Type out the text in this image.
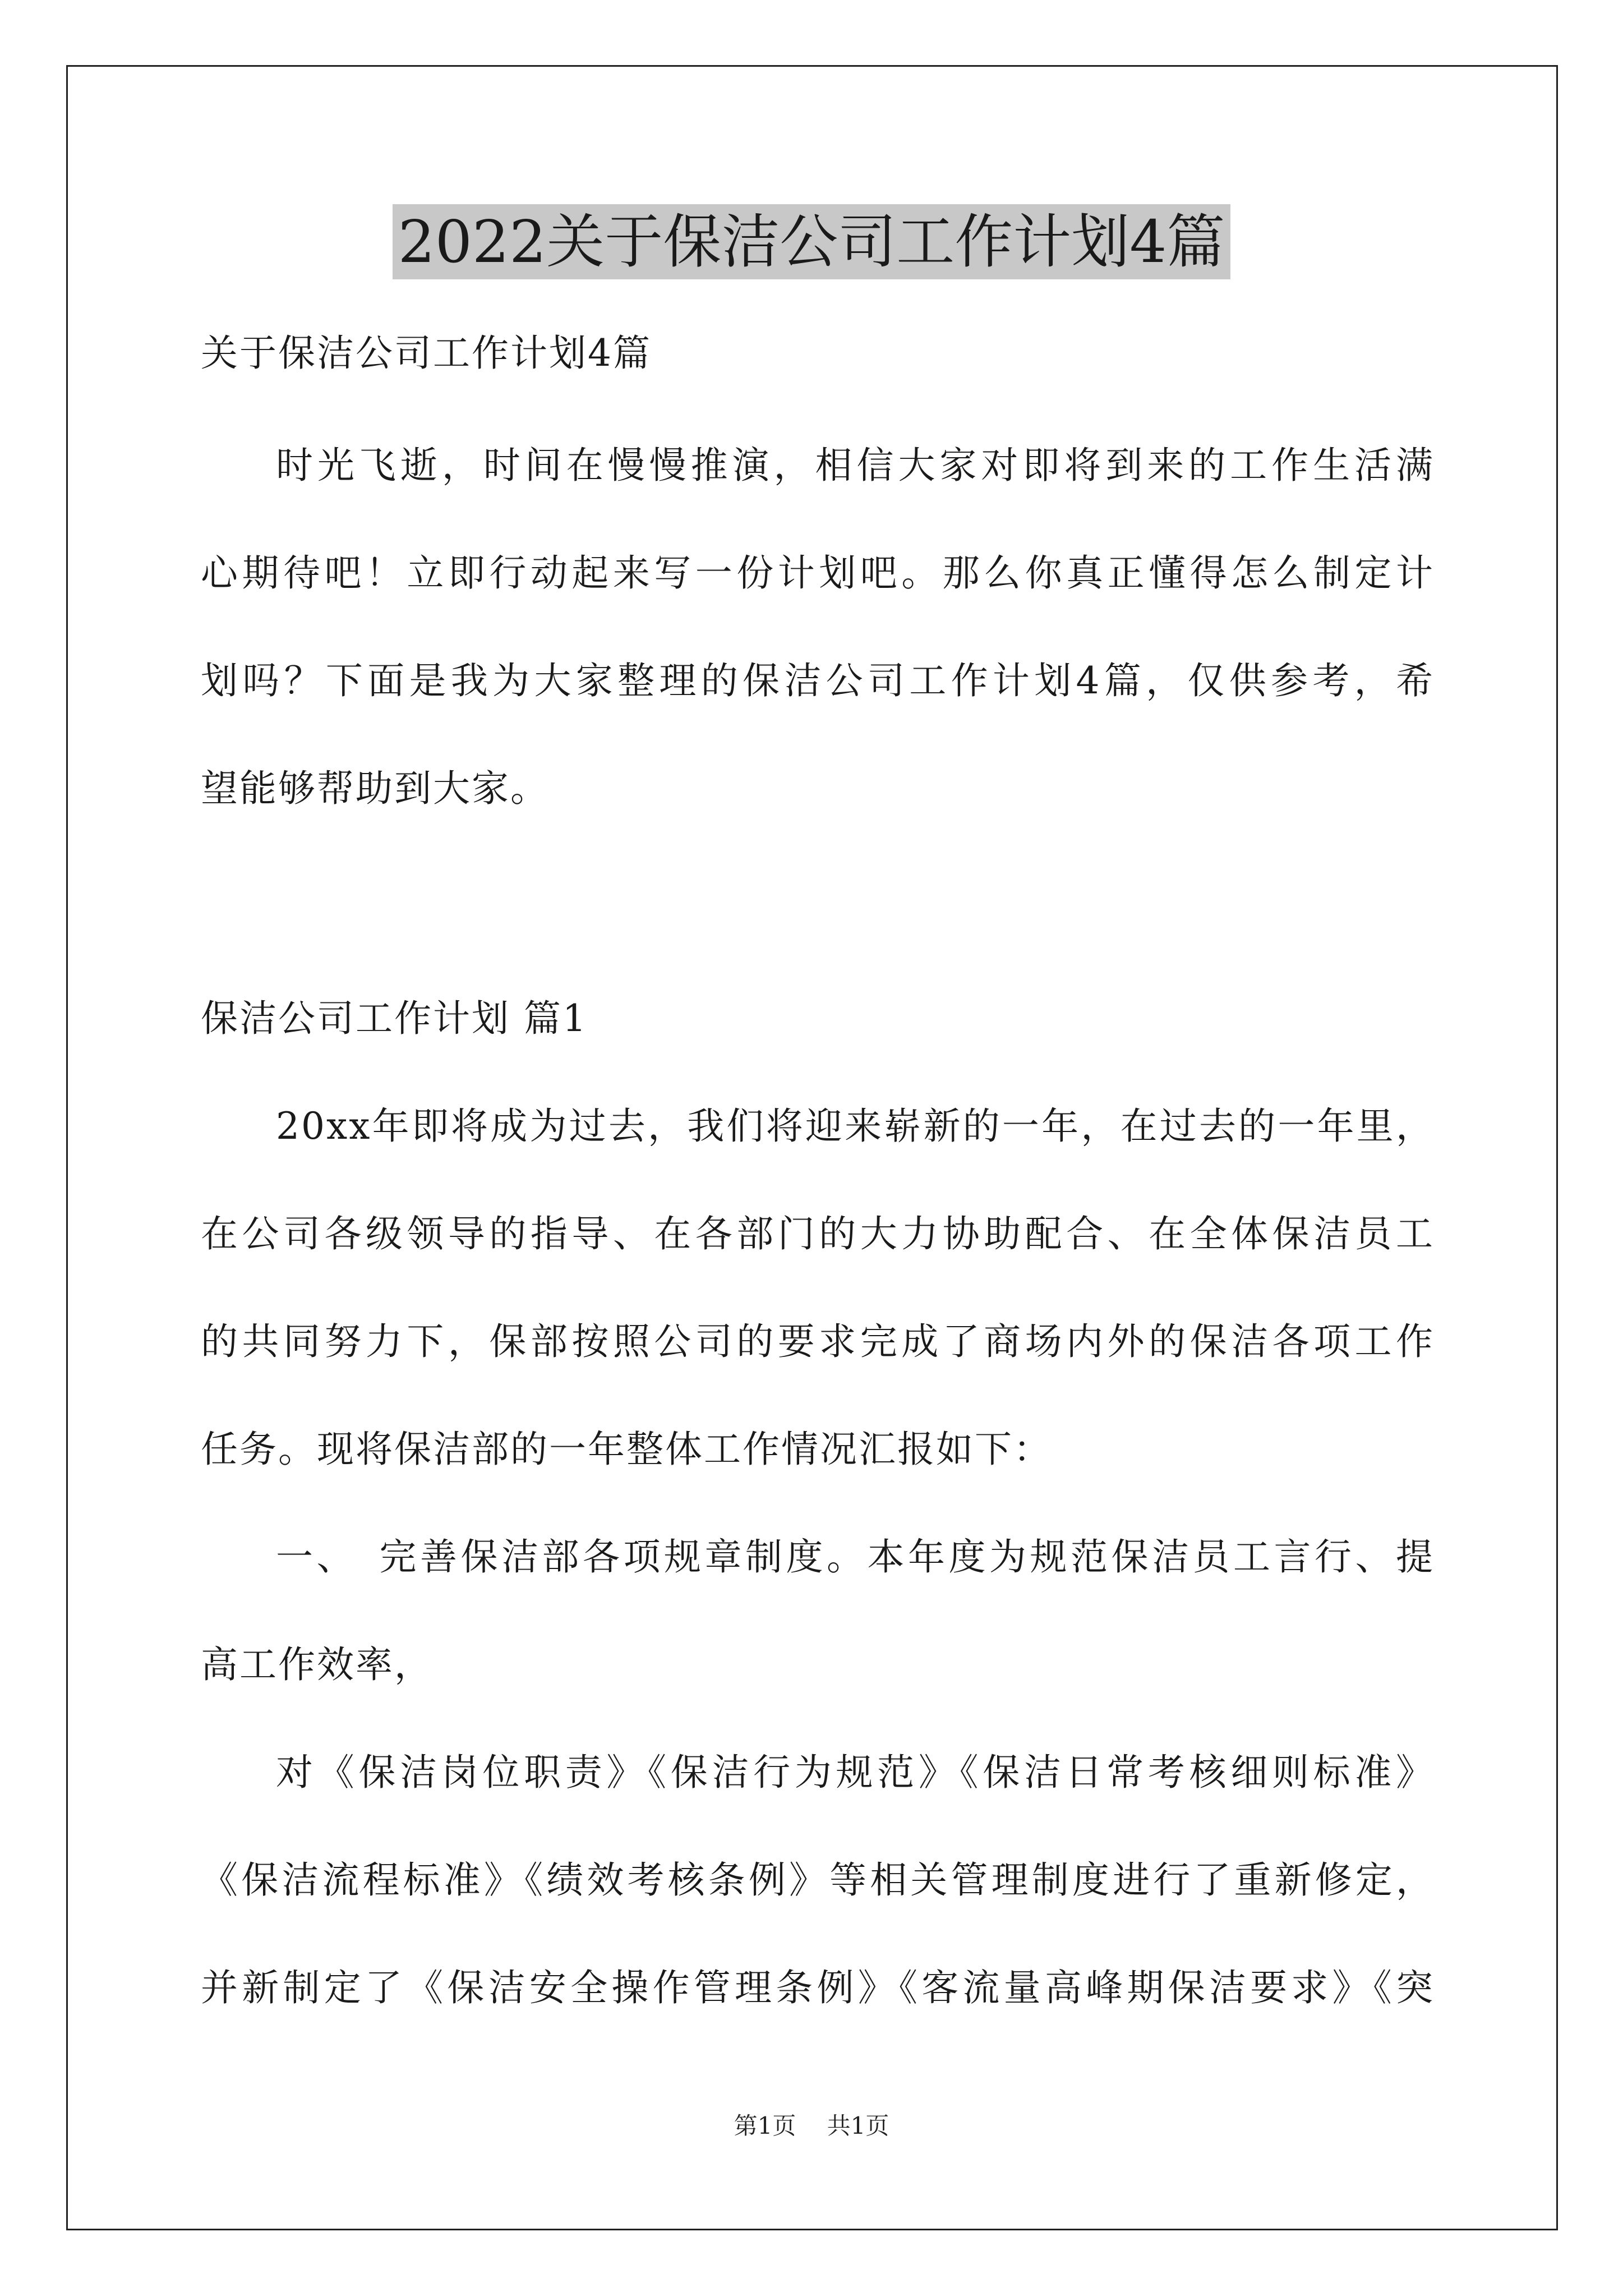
2022关于保洁公司工作计划4篇

关于保洁公司工作计划4篇

时光飞逝，时间在慢慢推演，相信大家对即将到来的工作生活满

心期待吧！立即行动起来写一份计划吧。那么你真正懂得怎么制定计

划吗？下面是我为大家整理的保洁公司工作计划4篇，仅供参考，希

望能够帮助到大家。

保洁公司工作计划 篇1

20xx年即将成为过去，我们将迎来崭新的一年，在过去的一年里，

在公司各级领导的指导、在各部门的大力协助配合、在全体保洁员工

的共同努力下，保部按照公司的要求完成了商场内外的保洁各项工作

任务。现将保洁部的一年整体工作情况汇报如下：

一、　完善保洁部各项规章制度。本年度为规范保洁员工言行、提

高工作效率，

对《保洁岗位职责》《保洁行为规范》《保洁日常考核细则标准》

《保洁流程标准》《绩效考核条例》等相关管理制度进行了重新修定，

并新制定了《保洁安全操作管理条例》《客流量高峰期保洁要求》《突

第1页　 共1页
